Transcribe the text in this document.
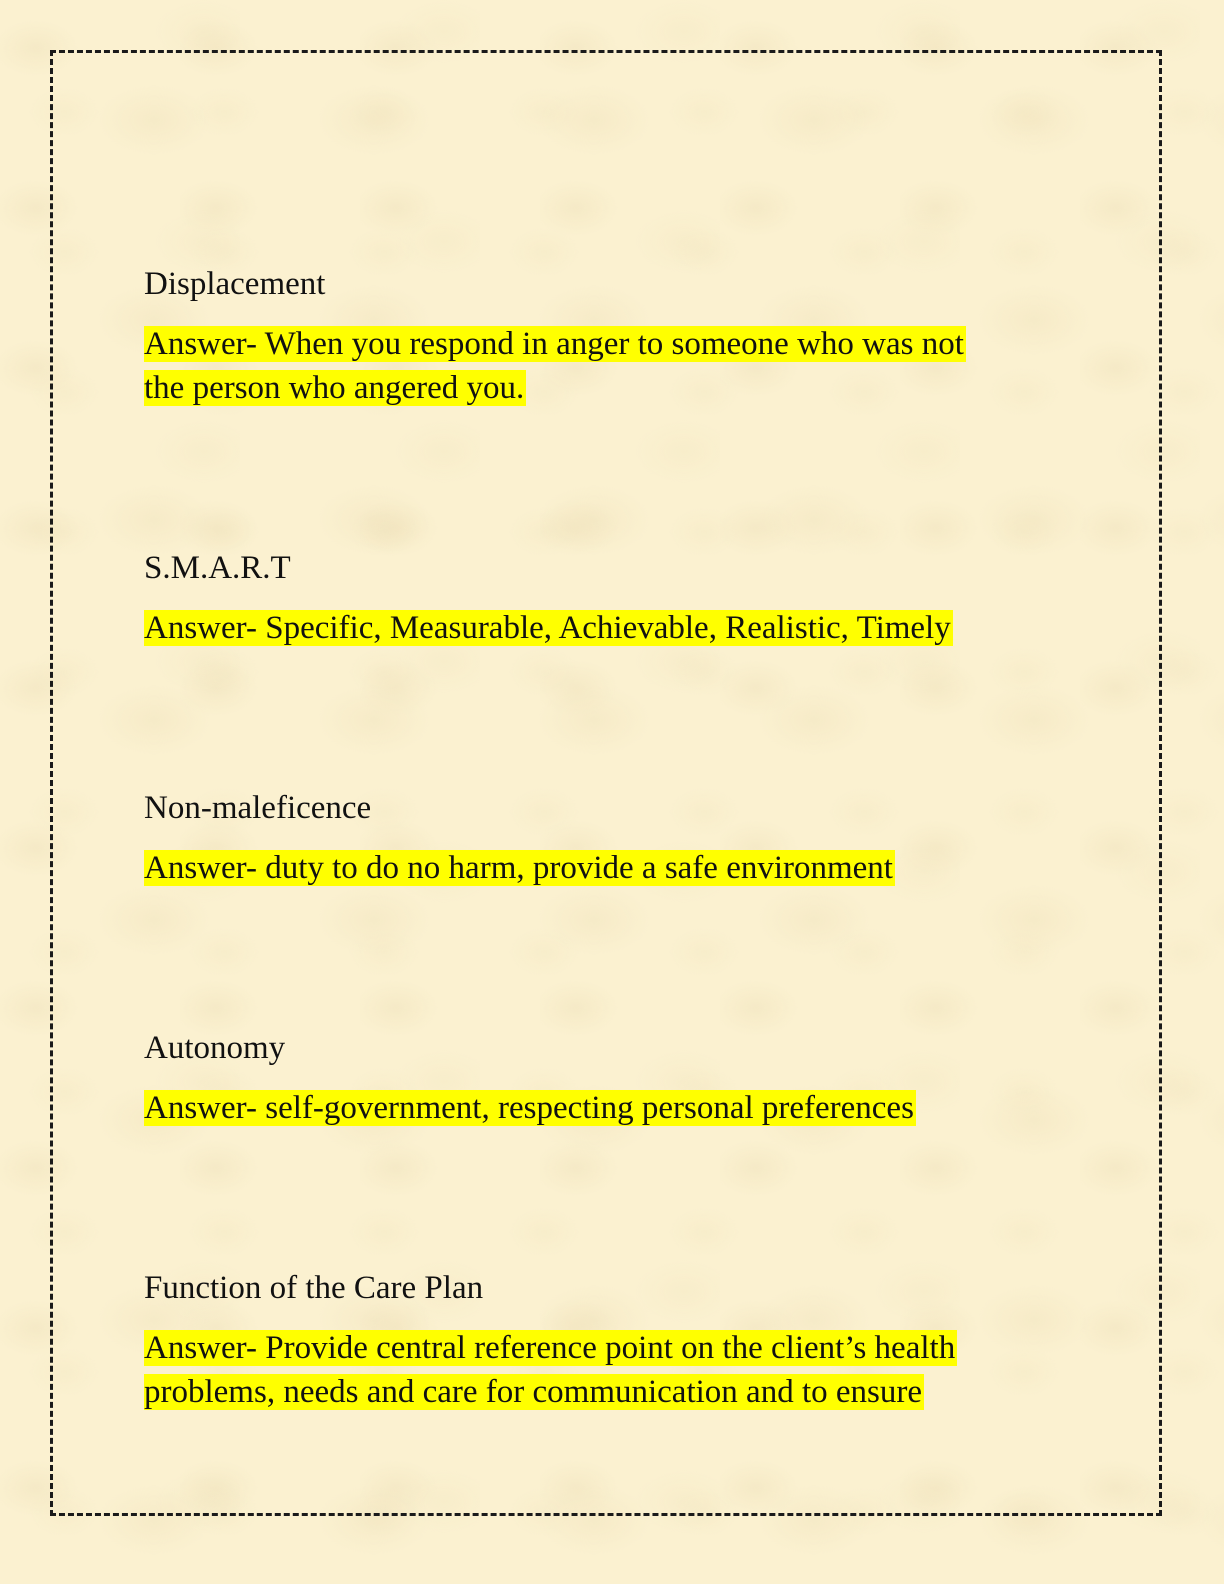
Displacement
Answer- When you respond in anger to someone who was not
the person who angered you.
S.M.A.R.T
Answer- Specific, Measurable, Achievable, Realistic, Timely
Non-maleficence
Answer- duty to do no harm, provide a safe environment
Autonomy
Answer- self-government, respecting personal preferences
Function of the Care Plan
Answer- Provide central reference point on the client’s health
problems, needs and care for communication and to ensure
